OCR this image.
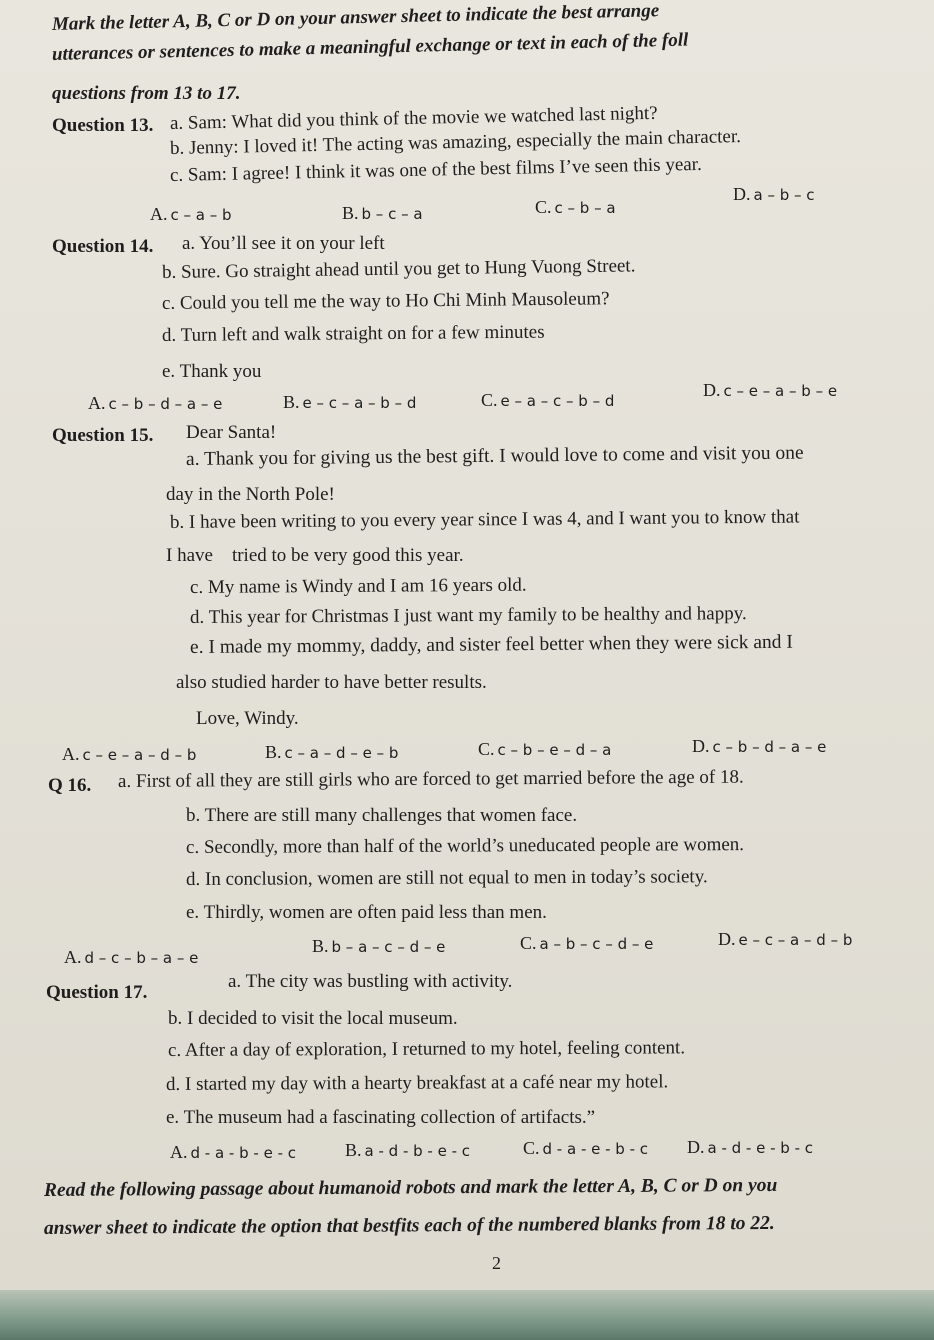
Mark the letter A, B, C or D on your answer sheet to indicate the best arrange
utterances or sentences to make a meaningful exchange or text in each of the foll
questions from 13 to 17.
Question 13. a. Sam: What did you think of the movie we watched last night?
b. Jenny: I loved it! The acting was amazing, especially the main character.
c. Sam: I agree! I think it was one of the best films I’ve seen this year.
A. c – a – b	B. b – c – a	C. c – b – a
D. a – b – c
Question 14. a. You’ll see it on your left
b. Sure. Go straight ahead until you get to Hung Vuong Street.
c. Could you tell me the way to Ho Chi Minh Mausoleum?
d. Turn left and walk straight on for a few minutes
e. Thank you
A. c – b – d – a – e	B. e – c – a – b – d	C. e – a – c – b – d
D. c – e – a – b – e
Question 15. Dear Santa!
a. Thank you for giving us the best gift. I would love to come and visit you one
day in the North Pole!
b. I have been writing to you every year since I was 4, and I want you to know that
I have    tried to be very good this year.
c. My name is Windy and I am 16 years old.
d. This year for Christmas I just want my family to be healthy and happy.
e. I made my mommy, daddy, and sister feel better when they were sick and I
also studied harder to have better results.
Love, Windy.
A. c – e – a – d – b	B. c – a – d – e – b	C. c – b – e – d – a	D. c – b – d – a – e
Q 16. a. First of all they are still girls who are forced to get married before the age of 18.
b. There are still many challenges that women face.
c. Secondly, more than half of the world’s uneducated people are women.
d. In conclusion, women are still not equal to men in today’s society.
e. Thirdly, women are often paid less than men.
A. d – c – b – a – e
B. b – a – c – d – e	C. a – b – c – d – e	D. e – c – a – d – b
Question 17.
a. The city was bustling with activity.
b. I decided to visit the local museum.
c. After a day of exploration, I returned to my hotel, feeling content.
d. I started my day with a hearty breakfast at a café near my hotel.
e. The museum had a fascinating collection of artifacts.”
A. d - a - b - e - c	B. a - d - b - e - c	C. d - a - e - b - c D. a - d - e - b - c
Read the following passage about humanoid robots and mark the letter A, B, C or D on you
answer sheet to indicate the option that bestfits each of the numbered blanks from 18 to 22.
2
